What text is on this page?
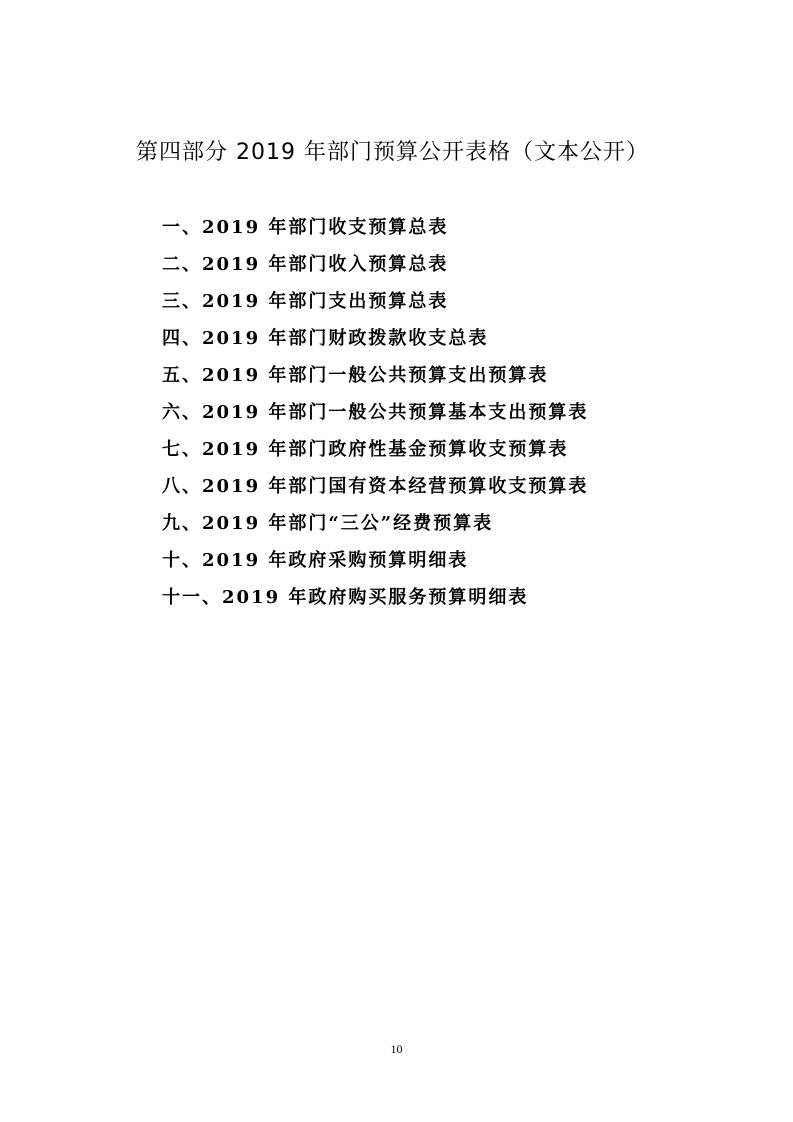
第四部分 2019 年部门预算公开表格（文本公开）
一、2019 年部门收支预算总表
二、2019 年部门收入预算总表
三、2019 年部门支出预算总表
四、2019 年部门财政拨款收支总表
五、2019 年部门一般公共预算支出预算表
六、2019 年部门一般公共预算基本支出预算表
七、2019 年部门政府性基金预算收支预算表
八、2019 年部门国有资本经营预算收支预算表
九、2019 年部门“三公”经费预算表
十、2019 年政府采购预算明细表
十一、2019 年政府购买服务预算明细表
10
